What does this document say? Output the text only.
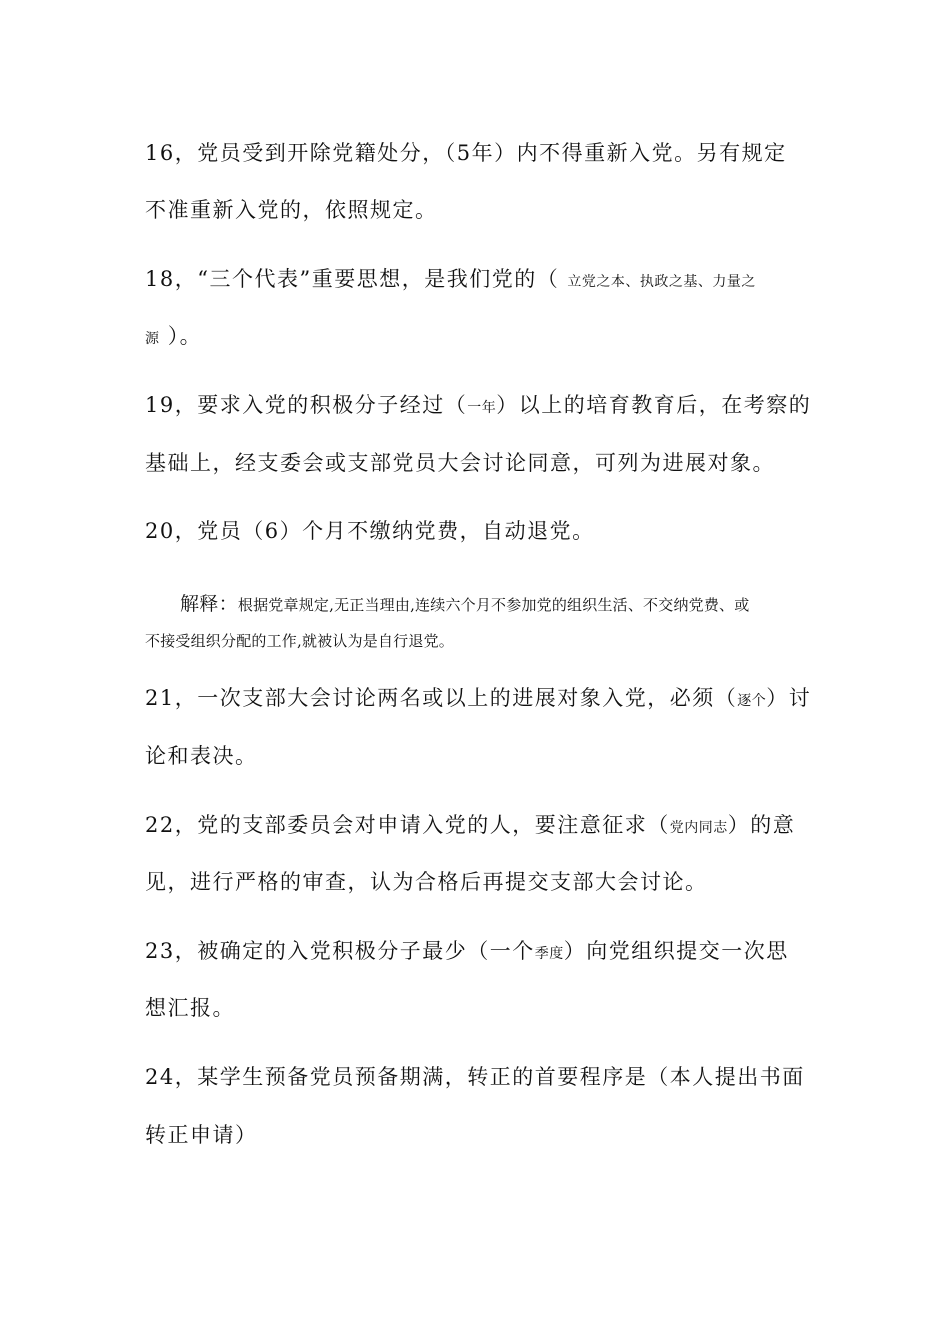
16，党员受到开除党籍处分，（5年）内不得重新入党。另有规定
不准重新入党的，依照规定。
18，“三个代表”重要思想，是我们党的（ 立党之本、执政之基、力量之
源 ）。
19，要求入党的积极分子经过（一年）以上的培育教育后，在考察的
基础上，经支委会或支部党员大会讨论同意，可列为进展对象。
20，党员（6）个月不缴纳党费，自动退党。
解释：根据党章规定,无正当理由,连续六个月不参加党的组织生活、不交纳党费、或
不接受组织分配的工作,就被认为是自行退党。
21，一次支部大会讨论两名或以上的进展对象入党，必须（逐个）讨
论和表决。
22，党的支部委员会对申请入党的人，要注意征求（党内同志）的意
见，进行严格的审查，认为合格后再提交支部大会讨论。
23，被确定的入党积极分子最少（一个季度）向党组织提交一次思
想汇报。
24，某学生预备党员预备期满，转正的首要程序是（本人提出书面
转正申请）
